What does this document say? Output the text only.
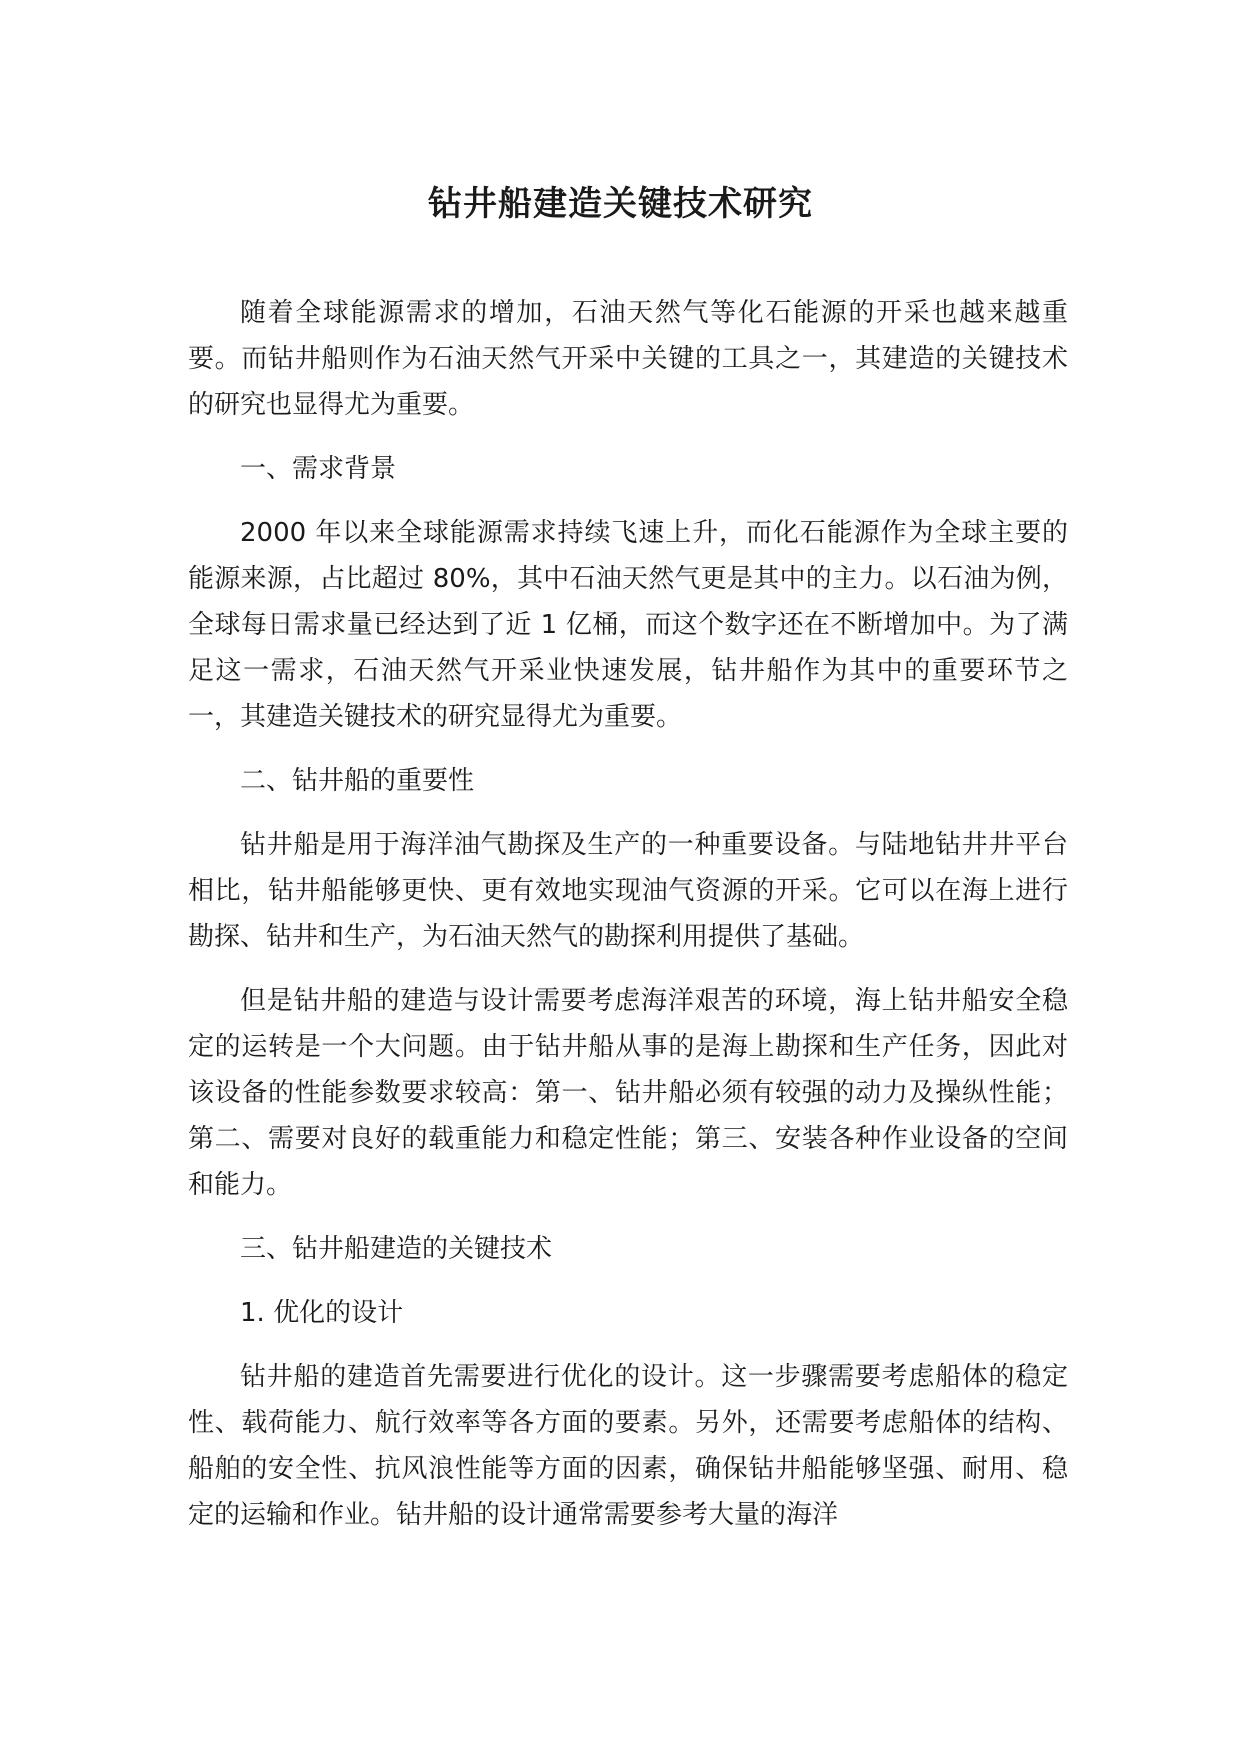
钻井船建造关键技术研究

随着全球能源需求的增加，石油天然气等化石能源的开采也越来越重要。而钻井船则作为石油天然气开采中关键的工具之一，其建造的关键技术的研究也显得尤为重要。

一、需求背景

2000 年以来全球能源需求持续飞速上升，而化石能源作为全球主要的能源来源，占比超过 80%，其中石油天然气更是其中的主力。以石油为例，全球每日需求量已经达到了近 1 亿桶，而这个数字还在不断增加中。为了满足这一需求，石油天然气开采业快速发展，钻井船作为其中的重要环节之一，其建造关键技术的研究显得尤为重要。

二、钻井船的重要性

钻井船是用于海洋油气勘探及生产的一种重要设备。与陆地钻井井平台相比，钻井船能够更快、更有效地实现油气资源的开采。它可以在海上进行勘探、钻井和生产，为石油天然气的勘探利用提供了基础。

但是钻井船的建造与设计需要考虑海洋艰苦的环境，海上钻井船安全稳定的运转是一个大问题。由于钻井船从事的是海上勘探和生产任务，因此对该设备的性能参数要求较高：第一、钻井船必须有较强的动力及操纵性能；第二、需要对良好的载重能力和稳定性能；第三、安装各种作业设备的空间和能力。

三、钻井船建造的关键技术

1. 优化的设计

钻井船的建造首先需要进行优化的设计。这一步骤需要考虑船体的稳定性、载荷能力、航行效率等各方面的要素。另外，还需要考虑船体的结构、船舶的安全性、抗风浪性能等方面的因素，确保钻井船能够坚强、耐用、稳定的运输和作业。钻井船的设计通常需要参考大量的海洋
